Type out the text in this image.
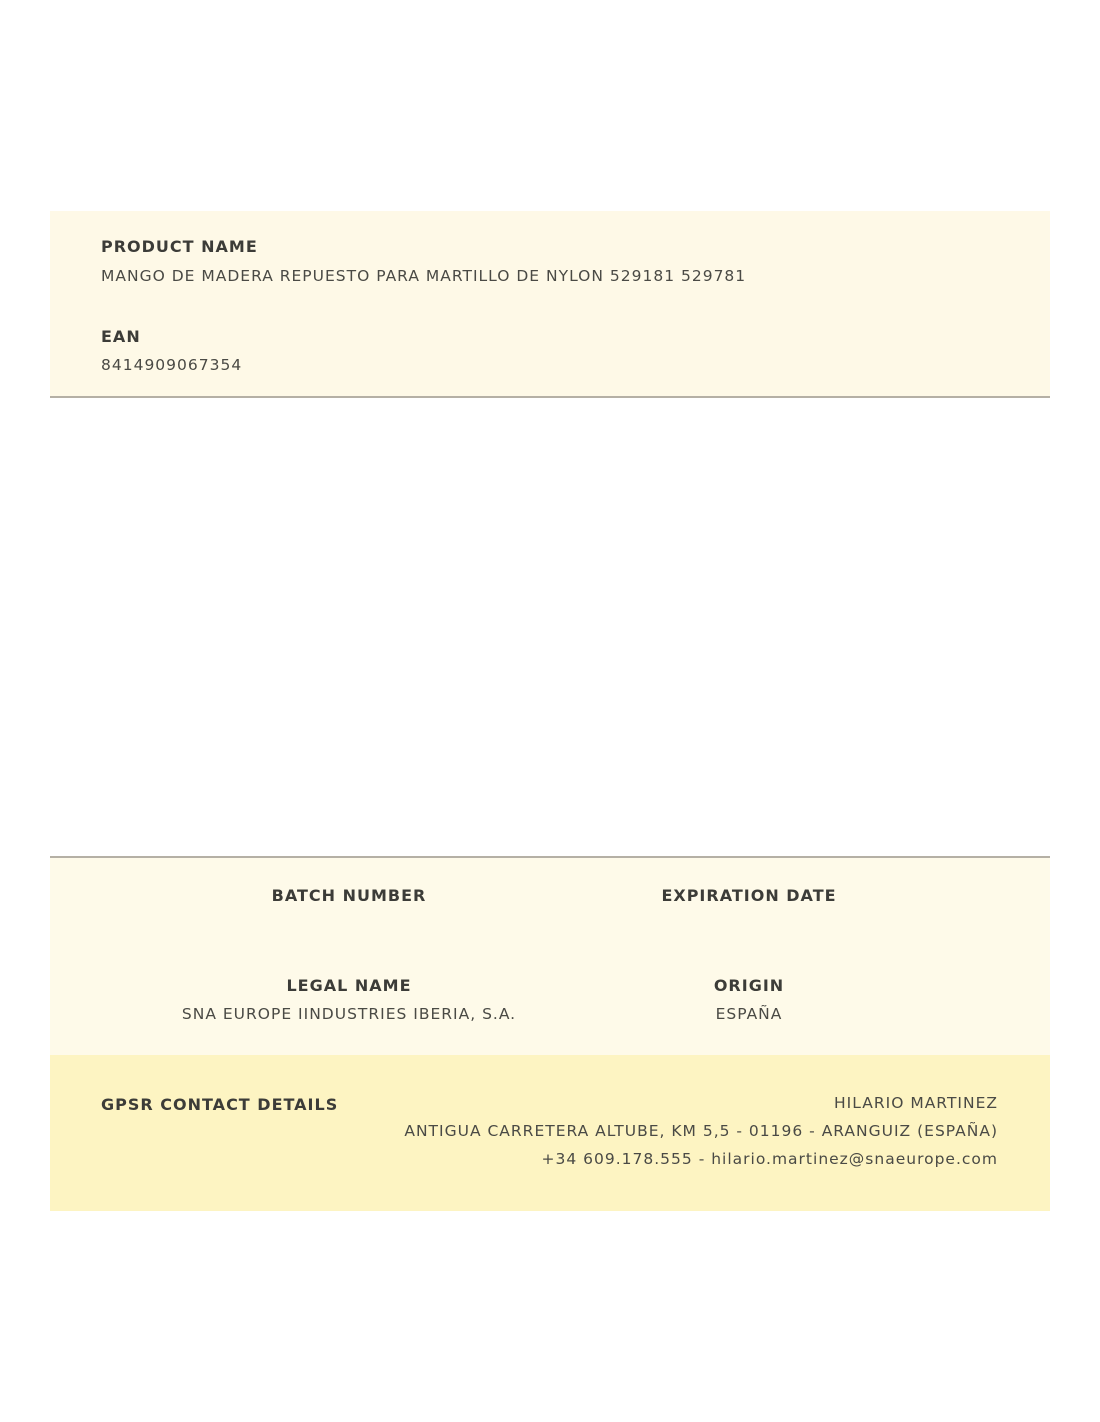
PRODUCT NAME
MANGO DE MADERA REPUESTO PARA MARTILLO DE NYLON 529181 529781
EAN
8414909067354
BATCH NUMBER	EXPIRATION DATE
LEGAL NAME
SNA EUROPE IINDUSTRIES IBERIA, S.A.
ORIGIN
ESPAÑA
GPSR CONTACT DETAILS	HILARIO MARTINEZ
ANTIGUA CARRETERA ALTUBE, KM 5,5 - 01196 - ARANGUIZ (ESPAÑA)
+34 609.178.555 - hilario.martinez@snaeurope.com
